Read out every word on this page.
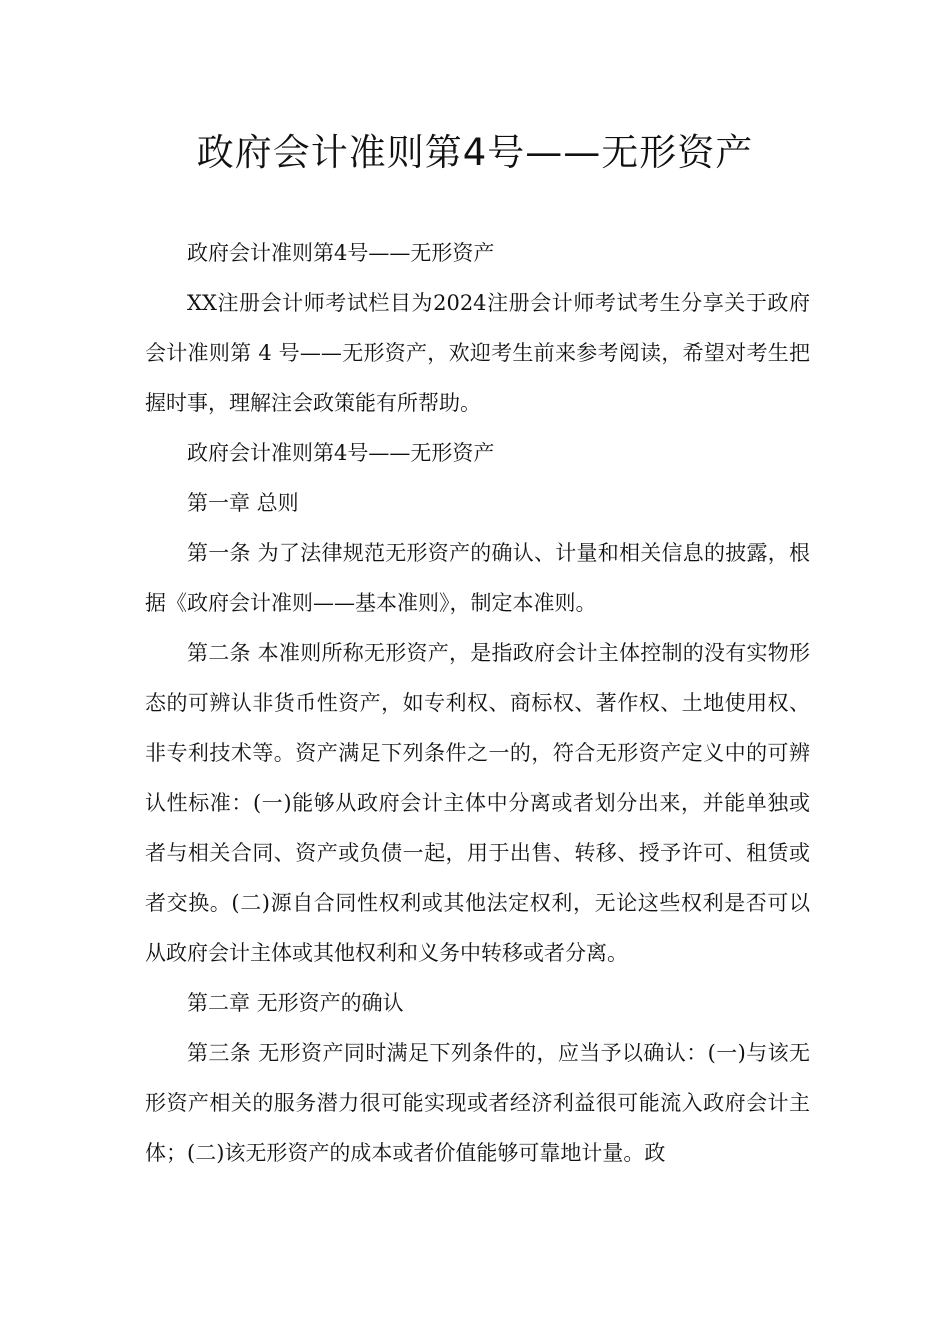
政府会计准则第4号——无形资产

政府会计准则第4号——无形资产

XX注册会计师考试栏目为2024注册会计师考试考生分享关于政府会计准则第 4 号——无形资产，欢迎考生前来参考阅读，希望对考生把握时事，理解注会政策能有所帮助。

政府会计准则第4号——无形资产

第一章 总则

第一条 为了法律规范无形资产的确认、计量和相关信息的披露，根据《政府会计准则——基本准则》，制定本准则。

第二条 本准则所称无形资产，是指政府会计主体控制的没有实物形态的可辨认非货币性资产，如专利权、商标权、著作权、土地使用权、非专利技术等。资产满足下列条件之一的，符合无形资产定义中的可辨认性标准：(一)能够从政府会计主体中分离或者划分出来，并能单独或者与相关合同、资产或负债一起，用于出售、转移、授予许可、租赁或者交换。(二)源自合同性权利或其他法定权利，无论这些权利是否可以从政府会计主体或其他权利和义务中转移或者分离。

第二章 无形资产的确认

第三条 无形资产同时满足下列条件的，应当予以确认：(一)与该无形资产相关的服务潜力很可能实现或者经济利益很可能流入政府会计主体；(二)该无形资产的成本或者价值能够可靠地计量。政
